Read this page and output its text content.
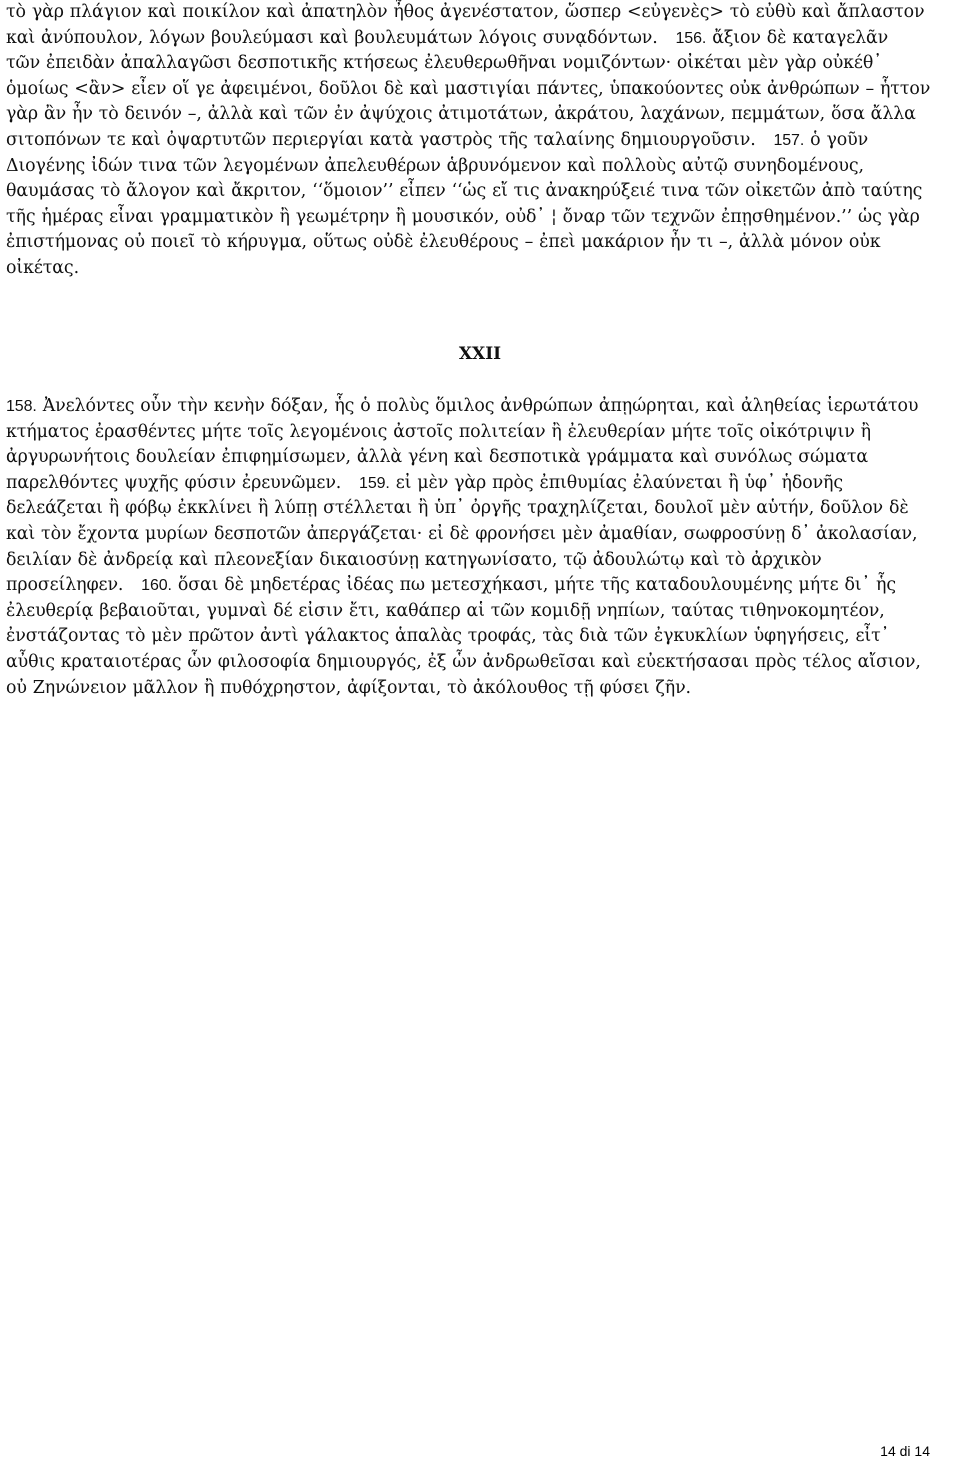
τὸ γὰρ πλάγιον καὶ ποικίλον καὶ ἀπατηλὸν ἦθος ἀγενέστατον, ὥσπερ <εὐγενὲς> τὸ εὐθὺ καὶ ἄπλαστον
καὶ ἀνύπουλον, λόγων βουλεύμασι καὶ βουλευμάτων λόγοις συνᾳδόντων. 156. ἄξιον δὲ καταγελᾶν
τῶν ἐπειδὰν ἀπαλλαγῶσι δεσποτικῆς κτήσεως ἐλευθερωθῆναι νομιζόντων· οἰκέται μὲν γὰρ οὐκέθ᾽
ὁμοίως <ἂν> εἶεν οἵ γε ἀφειμένοι, δοῦλοι δὲ καὶ μαστιγίαι πάντες, ὑπακούοντες οὐκ ἀνθρώπων – ἧττον
γὰρ ἂν ἦν τὸ δεινόν –, ἀλλὰ καὶ τῶν ἐν ἀψύχοις ἀτιμοτάτων, ἀκράτου, λαχάνων, πεμμάτων, ὅσα ἄλλα
σιτοπόνων τε καὶ ὀψαρτυτῶν περιεργίαι κατὰ γαστρὸς τῆς ταλαίνης δημιουργοῦσιν. 157. ὁ γοῦν
Διογένης ἰδών τινα τῶν λεγομένων ἀπελευθέρων ἁβρυνόμενον καὶ πολλοὺς αὐτῷ συνηδομένους,
θαυμάσας τὸ ἄλογον καὶ ἄκριτον, ‘‘ὅμοιον’’ εἶπεν ‘‘ὡς εἴ τις ἀνακηρύξειέ τινα τῶν οἰκετῶν ἀπὸ ταύτης
τῆς ἡμέρας εἶναι γραμματικὸν ἢ γεωμέτρην ἢ μουσικόν, οὐδ᾽ ¦ ὄναρ τῶν τεχνῶν ἐπῃσθημένον.’’ ὡς γὰρ
ἐπιστήμονας οὐ ποιεῖ τὸ κήρυγμα, οὕτως οὐδὲ ἐλευθέρους – ἐπεὶ μακάριον ἦν τι –, ἀλλὰ μόνον οὐκ
οἰκέτας.

XXII

158. Ἀνελόντες οὖν τὴν κενὴν δόξαν, ἧς ὁ πολὺς ὅμιλος ἀνθρώπων ἀπῃώρηται, καὶ ἀληθείας ἱερωτάτου
κτήματος ἐρασθέντες μήτε τοῖς λεγομένοις ἀστοῖς πολιτείαν ἢ ἐλευθερίαν μήτε τοῖς οἰκότριψιν ἢ
ἀργυρωνήτοις δουλείαν ἐπιφημίσωμεν, ἀλλὰ γένη καὶ δεσποτικὰ γράμματα καὶ συνόλως σώματα
παρελθόντες ψυχῆς φύσιν ἐρευνῶμεν. 159. εἰ μὲν γὰρ πρὸς ἐπιθυμίας ἐλαύνεται ἢ ὑφ᾽ ἡδονῆς
δελεάζεται ἢ φόβῳ ἐκκλίνει ἢ λύπῃ στέλλεται ἢ ὑπ᾽ ὀργῆς τραχηλίζεται, δουλοῖ μὲν αὑτήν, δοῦλον δὲ
καὶ τὸν ἔχοντα μυρίων δεσποτῶν ἀπεργάζεται· εἰ δὲ φρονήσει μὲν ἀμαθίαν, σωφροσύνῃ δ᾽ ἀκολασίαν,
δειλίαν δὲ ἀνδρείᾳ καὶ πλεονεξίαν δικαιοσύνῃ κατηγωνίσατο, τῷ ἀδουλώτῳ καὶ τὸ ἀρχικὸν
προσείληφεν. 160. ὅσαι δὲ μηδετέρας ἰδέας πω μετεσχήκασι, μήτε τῆς καταδουλουμένης μήτε δι᾽ ἧς
ἐλευθερίᾳ βεβαιοῦται, γυμναὶ δέ εἰσιν ἔτι, καθάπερ αἱ τῶν κομιδῇ νηπίων, ταύτας τιθηνοκομητέον,
ἐνστάζοντας τὸ μὲν πρῶτον ἀντὶ γάλακτος ἁπαλὰς τροφάς, τὰς διὰ τῶν ἐγκυκλίων ὑφηγήσεις, εἶτ᾽
αὖθις κραταιοτέρας ὧν φιλοσοφία δημιουργός, ἐξ ὧν ἀνδρωθεῖσαι καὶ εὐεκτήσασαι πρὸς τέλος αἴσιον,
οὐ Ζηνώνειον μᾶλλον ἢ πυθόχρηστον, ἀφίξονται, τὸ ἀκόλουθος τῇ φύσει ζῆν.

14 di 14
